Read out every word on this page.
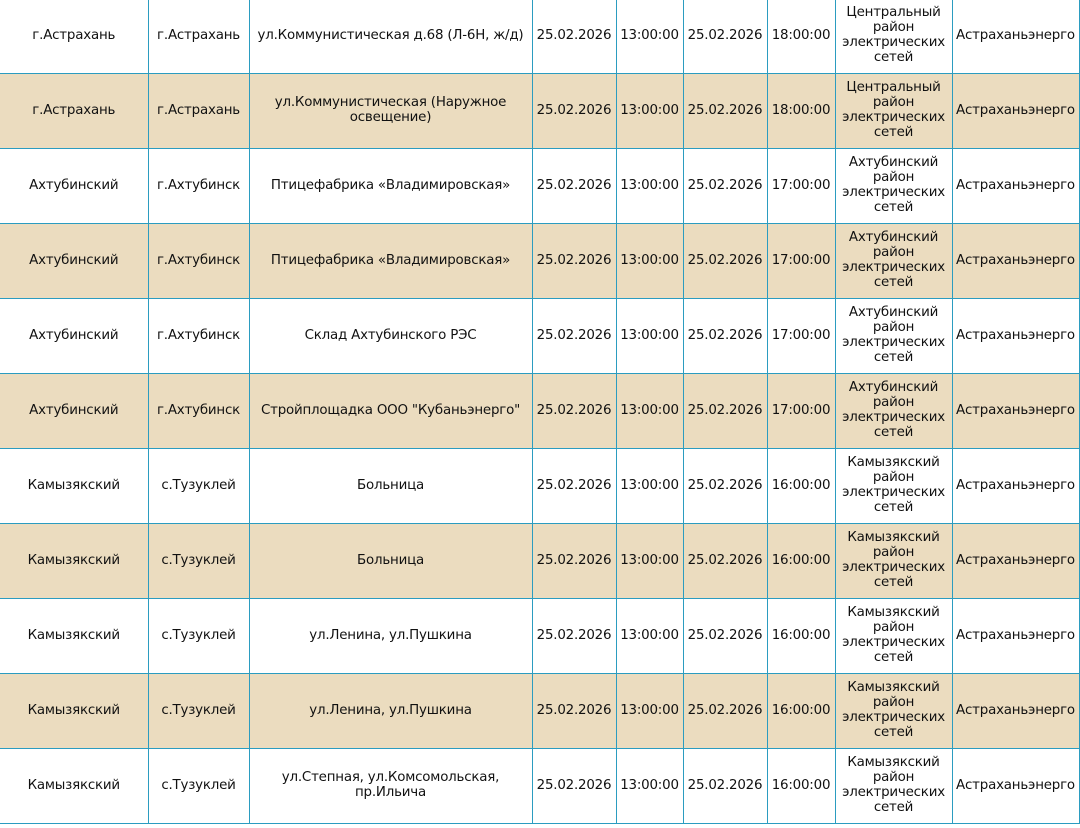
г.Астрахань	г.Астрахань	ул.Коммунистическая д.68 (Л-6Н, ж/д)	25.02.2026	13:00:00	25.02.2026	18:00:00	Центральный район электрических сетей	Астраханьэнерго
г.Астрахань	г.Астрахань	ул.Коммунистическая (Наружное освещение)	25.02.2026	13:00:00	25.02.2026	18:00:00	Центральный район электрических сетей	Астраханьэнерго
Ахтубинский	г.Ахтубинск	Птицефабрика «Владимировская»	25.02.2026	13:00:00	25.02.2026	17:00:00	Ахтубинский район электрических сетей	Астраханьэнерго
Ахтубинский	г.Ахтубинск	Птицефабрика «Владимировская»	25.02.2026	13:00:00	25.02.2026	17:00:00	Ахтубинский район электрических сетей	Астраханьэнерго
Ахтубинский	г.Ахтубинск	Склад Ахтубинского РЭС	25.02.2026	13:00:00	25.02.2026	17:00:00	Ахтубинский район электрических сетей	Астраханьэнерго
Ахтубинский	г.Ахтубинск	Стройплощадка ООО "Кубаньэнерго"	25.02.2026	13:00:00	25.02.2026	17:00:00	Ахтубинский район электрических сетей	Астраханьэнерго
Камызякский	с.Тузуклей	Больница	25.02.2026	13:00:00	25.02.2026	16:00:00	Камызякский район электрических сетей	Астраханьэнерго
Камызякский	с.Тузуклей	Больница	25.02.2026	13:00:00	25.02.2026	16:00:00	Камызякский район электрических сетей	Астраханьэнерго
Камызякский	с.Тузуклей	ул.Ленина, ул.Пушкина	25.02.2026	13:00:00	25.02.2026	16:00:00	Камызякский район электрических сетей	Астраханьэнерго
Камызякский	с.Тузуклей	ул.Ленина, ул.Пушкина	25.02.2026	13:00:00	25.02.2026	16:00:00	Камызякский район электрических сетей	Астраханьэнерго
Камызякский	с.Тузуклей	ул.Степная, ул.Комсомольская, пр.Ильича	25.02.2026	13:00:00	25.02.2026	16:00:00	Камызякский район электрических сетей	Астраханьэнерго
